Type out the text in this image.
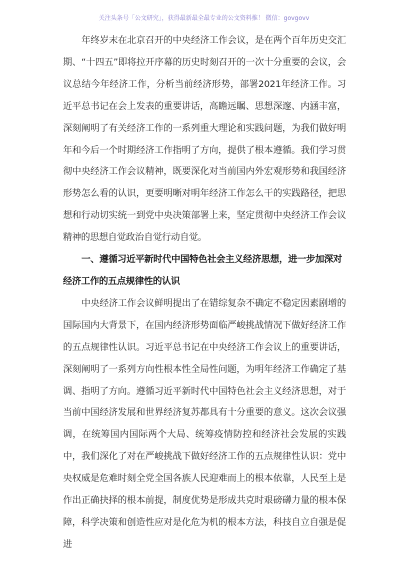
关注头条号「公文研究」，获得最新最全最专业的公文资料推！ 微信：govgovv

年终岁末在北京召开的中央经济工作会议，是在两个百年历史交汇期、“十四五”即将拉开序幕的历史时刻召开的一次十分重要的会议，会议总结今年经济工作，分析当前经济形势，部署2021年经济工作。习近平总书记在会上发表的重要讲话，高瞻远瞩、思想深邃、内涵丰富，深刻阐明了有关经济工作的一系列重大理论和实践问题，为我们做好明年和今后一个时期经济工作指明了方向，提供了根本遵循。我们学习贯彻中央经济工作会议精神，既要深化对当前国内外宏观形势和我国经济形势怎么看的认识，更要明晰对明年经济工作怎么干的实践路径，把思想和行动切实统一到党中央决策部署上来，坚定贯彻中央经济工作会议精神的思想自觉政治自觉行动自觉。

一、遵循习近平新时代中国特色社会主义经济思想，进一步加深对经济工作的五点规律性的认识

中央经济工作会议鲜明提出了在错综复杂不确定不稳定因素剧增的国际国内大背景下，在国内经济形势面临严峻挑战情况下做好经济工作的五点规律性认识。习近平总书记在中央经济工作会议上的重要讲话，深刻阐明了一系列方向性根本性全局性问题，为明年经济工作确定了基调、指明了方向。遵循习近平新时代中国特色社会主义经济思想，对于当前中国经济发展和世界经济复苏都具有十分重要的意义。这次会议强调，在统筹国内国际两个大局、统筹疫情防控和经济社会发展的实践中，我们深化了对在严峻挑战下做好经济工作的五点规律性认识：党中央权威是危难时刻全党全国各族人民迎难而上的根本依靠，人民至上是作出正确抉择的根本前提，制度优势是形成共克时艰磅礴力量的根本保障，科学决策和创造性应对是化危为机的根本方法，科技自立自强是促进
